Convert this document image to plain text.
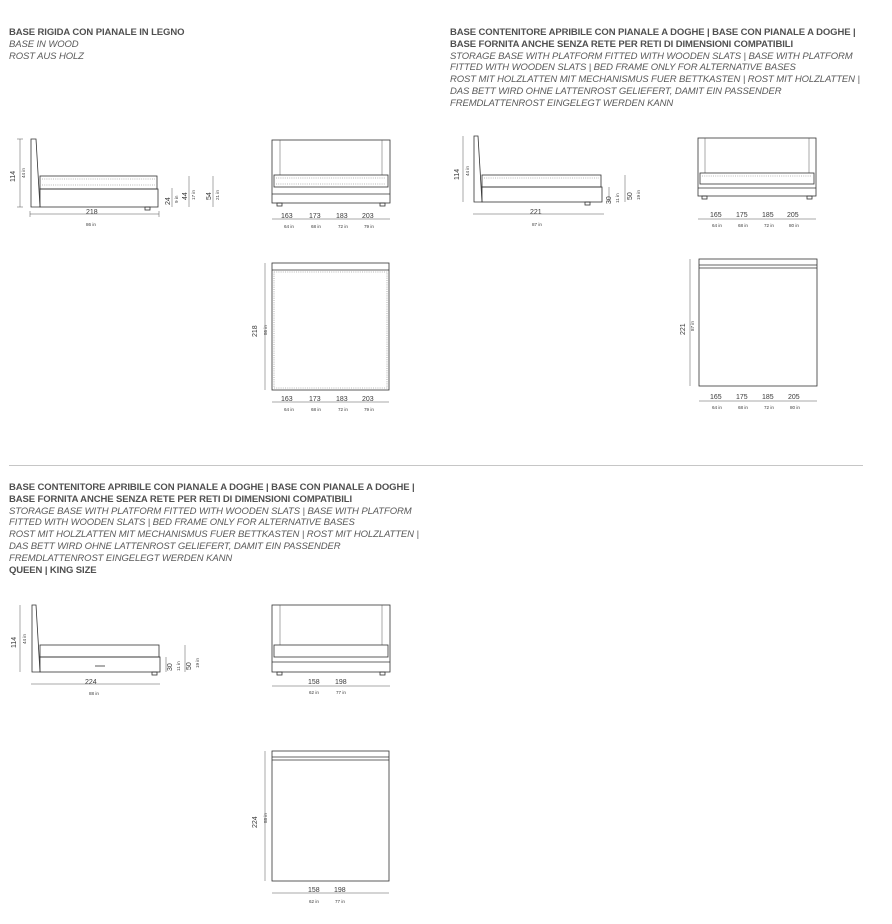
BASE RIGIDA CON PIANALE IN LEGNO
BASE IN WOOD
ROST AUS HOLZ
BASE CONTENITORE APRIBILE CON PIANALE A DOGHE | BASE CON PIANALE A DOGHE |
BASE FORNITA ANCHE SENZA RETE PER RETI DI DIMENSIONI COMPATIBILI
STORAGE BASE WITH PLATFORM FITTED WITH WOODEN SLATS | BASE WITH PLATFORM
FITTED WITH WOODEN SLATS | BED FRAME ONLY FOR ALTERNATIVE BASES
ROST MIT HOLZLATTEN MIT MECHANISMUS FUER BETTKASTEN | ROST MIT HOLZLATTEN |
DAS BETT WIRD OHNE LATTENROST GELIEFERT, DAMIT EIN PASSENDER
FREMDLATTENROST EINGELEGT WERDEN KANN
BASE CONTENITORE APRIBILE CON PIANALE A DOGHE | BASE CON PIANALE A DOGHE |
BASE FORNITA ANCHE SENZA RETE PER RETI DI DIMENSIONI COMPATIBILI
STORAGE BASE WITH PLATFORM FITTED WITH WOODEN SLATS | BASE WITH PLATFORM
FITTED WITH WOODEN SLATS | BED FRAME ONLY FOR ALTERNATIVE BASES
ROST MIT HOLZLATTEN MIT MECHANISMUS FUER BETTKASTEN | ROST MIT HOLZLATTEN |
DAS BETT WIRD OHNE LATTENROST GELIEFERT, DAMIT EIN PASSENDER
FREMDLATTENROST EINGELEGT WERDEN KANN
QUEEN | KING SIZE
114 44 in
218
86 in
24 9 in 44 17 in 54 21 in
163 173 183 203
64 in	68 in	72 in	79 in
218 86 in
163 173 183 203
64 in	68 in	72 in	79 in
114 44 in
221
87 in
30 11 in 50 19 in
165 175 185 205
64 in	68 in	72 in	80 in
221 87 in
165 175 185 205
64 in	68 in	72 in	80 in
114 44 in
224
88 in
30 11 in 50 19 in
158 198
62 in	77 in
224 88 in
158 198
62 in	77 in
